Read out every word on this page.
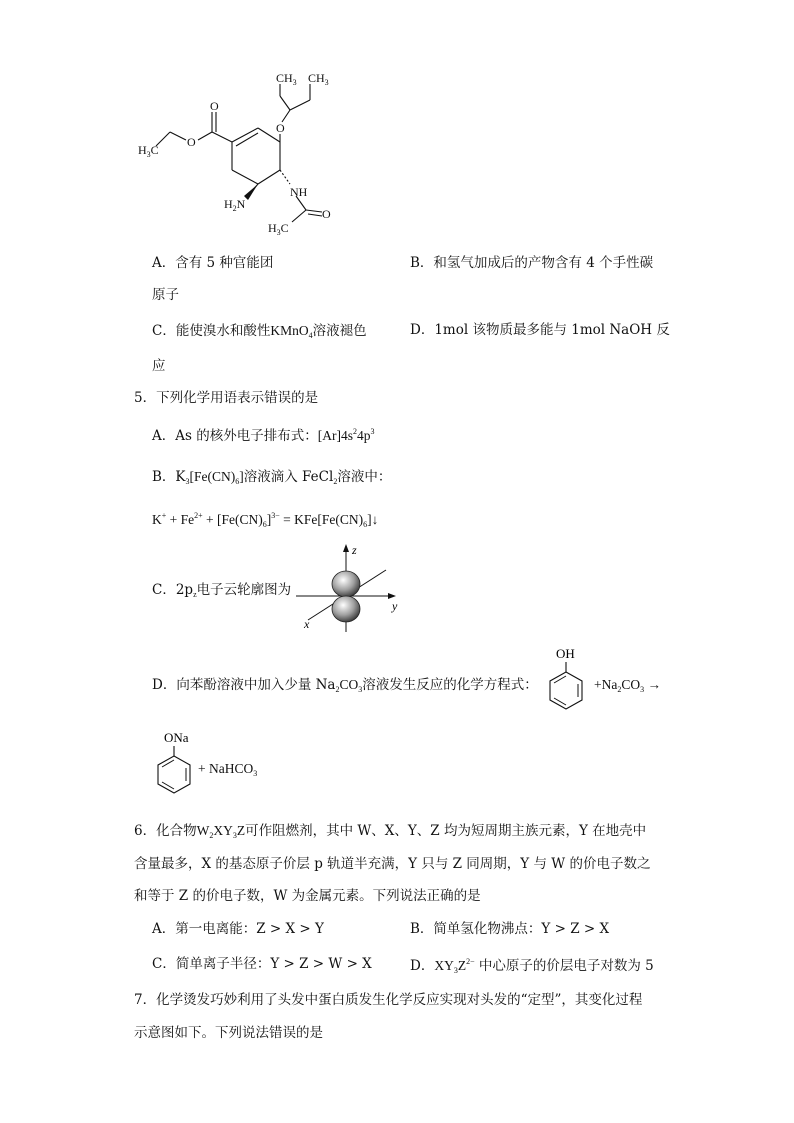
$CH_3$ $CH_3$
O
O
O
$H_3C$
NH
O
$H_2N$
$H_3C$
A．含有 5 种官能团	B．和氢气加成后的产物含有 4 个手性碳
原子
C．能使溴水和酸性KMnO$_4$溶液褪色	D．1mol 该物质最多能与 1mol NaOH 反
应
5．下列化学用语表示错误的是
A．As 的核外电子排布式：$[Ar]4s^24p^3$
B．$K_3[Fe(CN)_6]$溶液滴入 FeCl$_2$溶液中：
$K^+ + Fe^{2+} + [Fe(CN)_6]^{3-}$ = $KFe[Fe(CN)_6]↓$
C．$2p_z$电子云轮廓图为
z
y
x
D．向苯酚溶液中加入少量 $Na_2CO_3$溶液发生反应的化学方程式：
OH
$+Na_2CO_3$ →
ONa
+ NaHCO$_3$
6．化合物$W_2XY_3Z$可作阻燃剂，其中 W、X、Y、Z 均为短周期主族元素，Y 在地壳中
含量最多，X 的基态原子价层 p 轨道半充满，Y 只与 Z 同周期，Y 与 W 的价电子数之
和等于 Z 的价电子数，W 为金属元素。下列说法正确的是
A．第一电离能：Z > X > Y	B．简单氢化物沸点：Y > Z > X
C．简单离子半径：Y > Z > W > X	D．$XY_3Z^{2-}$ 中心原子的价层电子对数为 5
7．化学烫发巧妙利用了头发中蛋白质发生化学反应实现对头发的“定型”，其变化过程
示意图如下。下列说法错误的是
